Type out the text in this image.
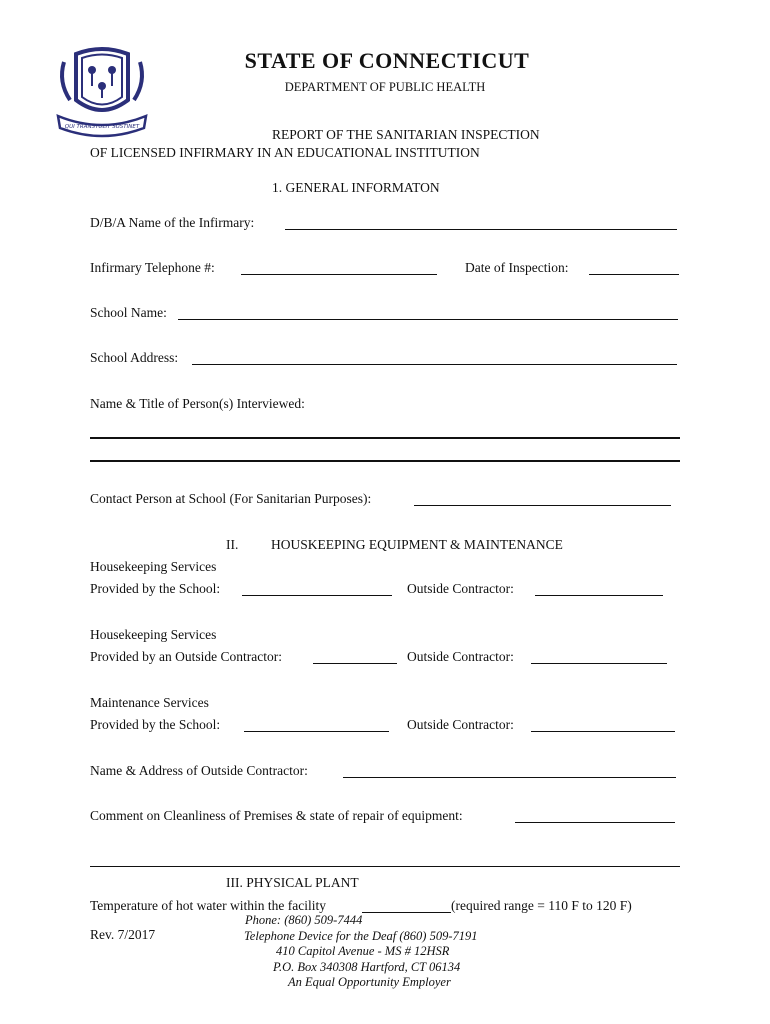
QUI TRANSTULIT SUSTINET
STATE OF CONNECTICUT
DEPARTMENT OF PUBLIC HEALTH
REPORT OF THE SANITARIAN INSPECTION
OF LICENSED INFIRMARY IN AN EDUCATIONAL INSTITUTION
1. GENERAL INFORMATON
D/B/A Name of the Infirmary:
Infirmary Telephone #:	Date of Inspection:
School Name:
School Address:
Name & Title of Person(s) Interviewed:
Contact Person at School (For Sanitarian Purposes):
II. HOUSKEEPING EQUIPMENT & MAINTENANCE
Housekeeping Services
Provided by the School:	Outside Contractor:
Housekeeping Services
Provided by an Outside Contractor:	Outside Contractor:
Maintenance Services
Provided by the School:	Outside Contractor:
Name & Address of Outside Contractor:
Comment on Cleanliness of Premises & state of repair of equipment:
III. PHYSICAL PLANT
Temperature of hot water within the facility	(required range = 110 F to 120 F)
Rev. 7/2017
Phone: (860) 509-7444
Telephone Device for the Deaf (860) 509-7191
410 Capitol Avenue - MS # 12HSR
P.O. Box 340308 Hartford, CT 06134
An Equal Opportunity Employer
